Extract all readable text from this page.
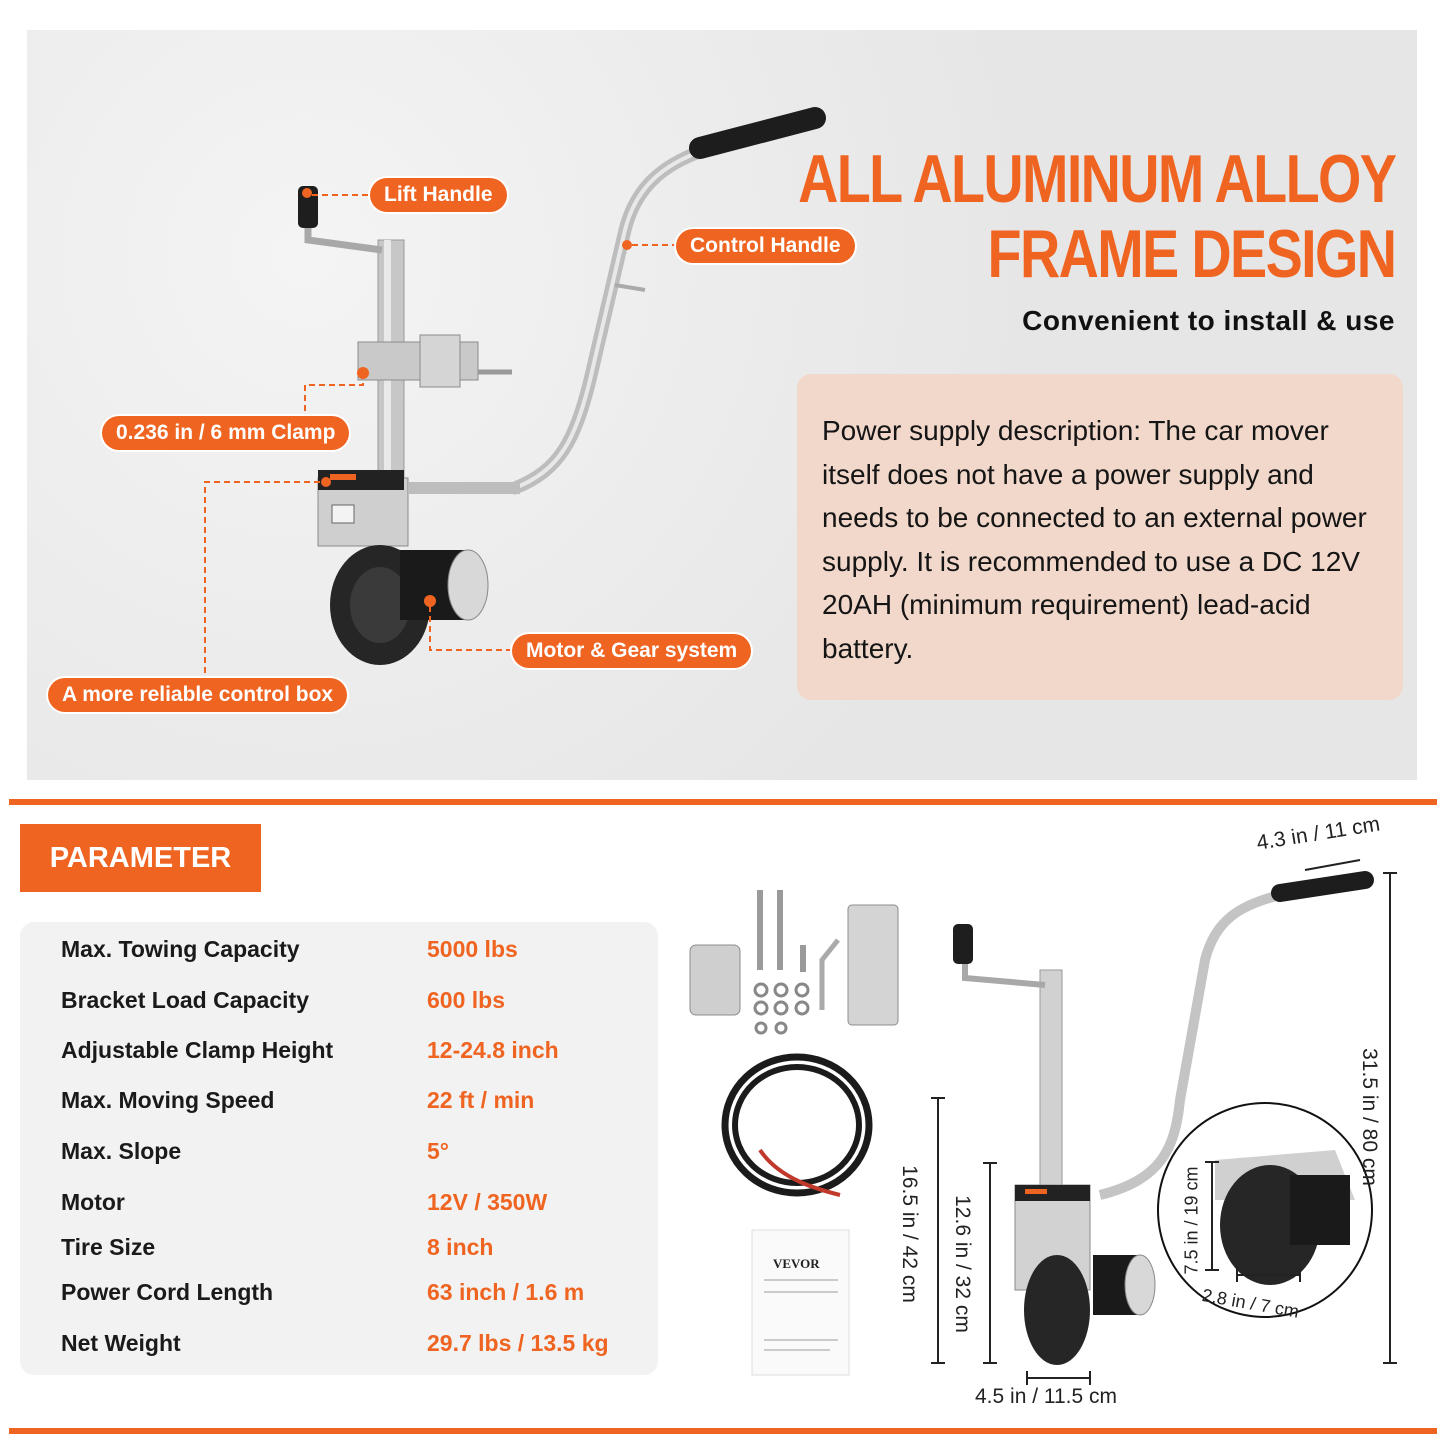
Lift Handle
Control Handle
0.236 in / 6 mm Clamp
Motor & Gear system
A more reliable control box
ALL ALUMINUM ALLOY
FRAME DESIGN
Convenient to install & use
Power supply description: The car mover itself does not have a power supply and needs to be connected to an external power supply. It is recommended to use a DC 12V 20AH (minimum requirement) lead-acid battery.
PARAMETER
Max. Towing Capacity	5000 lbs
Bracket Load Capacity	600 lbs
Adjustable Clamp Height	12-24.8 inch
Max. Moving Speed	22 ft / min
Max. Slope	5°
Motor	12V / 350W
Tire Size	8 inch
Power Cord Length	63 inch / 1.6 m
Net Weight	29.7 lbs / 13.5 kg
VEVOR
4.3 in / 11 cm
31.5 in / 80 cm
16.5 in / 42 cm 12.6 in / 32 cm
4.5 in / 11.5 cm
7.5 in / 19 cm
2.8 in / 7 cm
